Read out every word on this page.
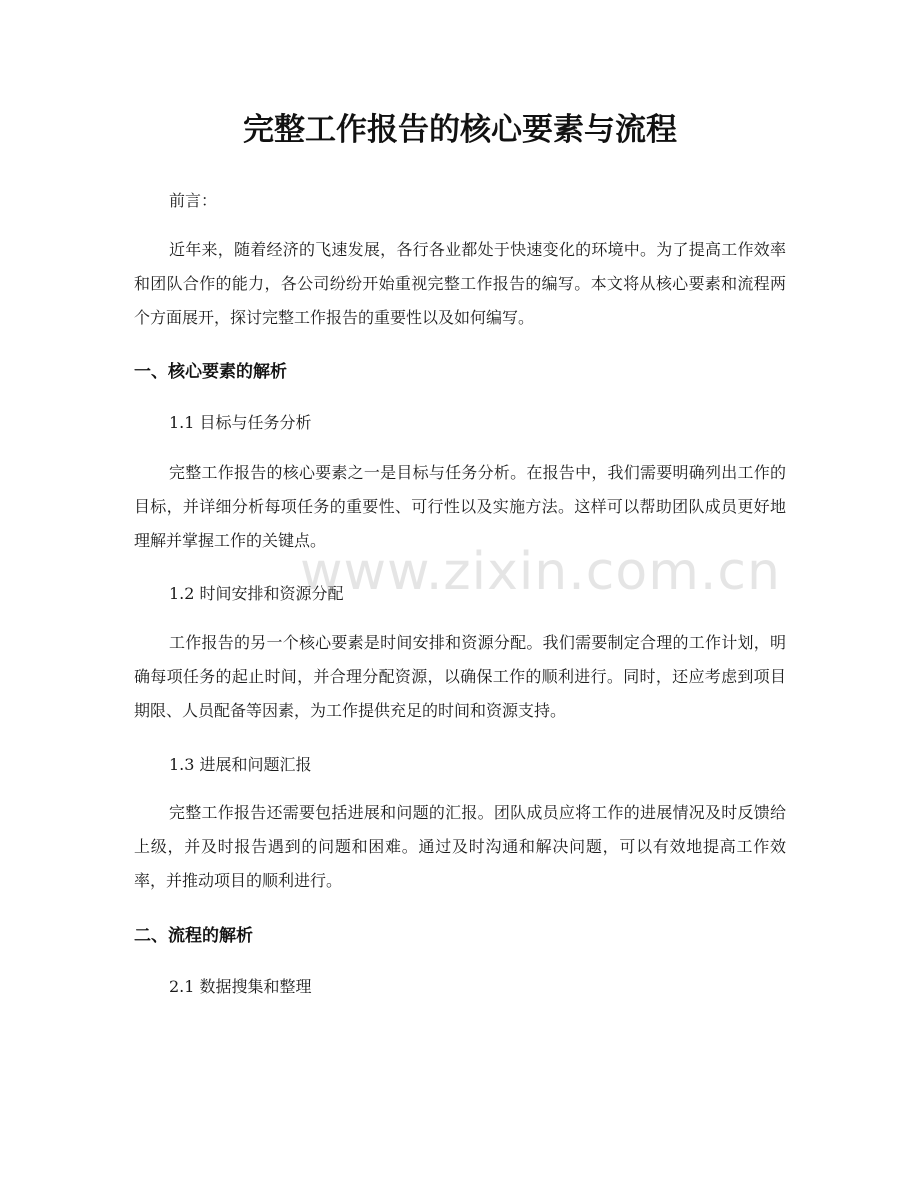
完整工作报告的核心要素与流程

前言：

近年来，随着经济的飞速发展，各行各业都处于快速变化的环境中。为了提高工作效率和团队合作的能力，各公司纷纷开始重视完整工作报告的编写。本文将从核心要素和流程两个方面展开，探讨完整工作报告的重要性以及如何编写。

一、核心要素的解析

1.1 目标与任务分析

完整工作报告的核心要素之一是目标与任务分析。在报告中，我们需要明确列出工作的目标，并详细分析每项任务的重要性、可行性以及实施方法。这样可以帮助团队成员更好地理解并掌握工作的关键点。

1.2 时间安排和资源分配

工作报告的另一个核心要素是时间安排和资源分配。我们需要制定合理的工作计划，明确每项任务的起止时间，并合理分配资源，以确保工作的顺利进行。同时，还应考虑到项目期限、人员配备等因素，为工作提供充足的时间和资源支持。

1.3 进展和问题汇报

完整工作报告还需要包括进展和问题的汇报。团队成员应将工作的进展情况及时反馈给上级，并及时报告遇到的问题和困难。通过及时沟通和解决问题，可以有效地提高工作效率，并推动项目的顺利进行。

二、流程的解析

2.1 数据搜集和整理

www.zixin.com.cn
